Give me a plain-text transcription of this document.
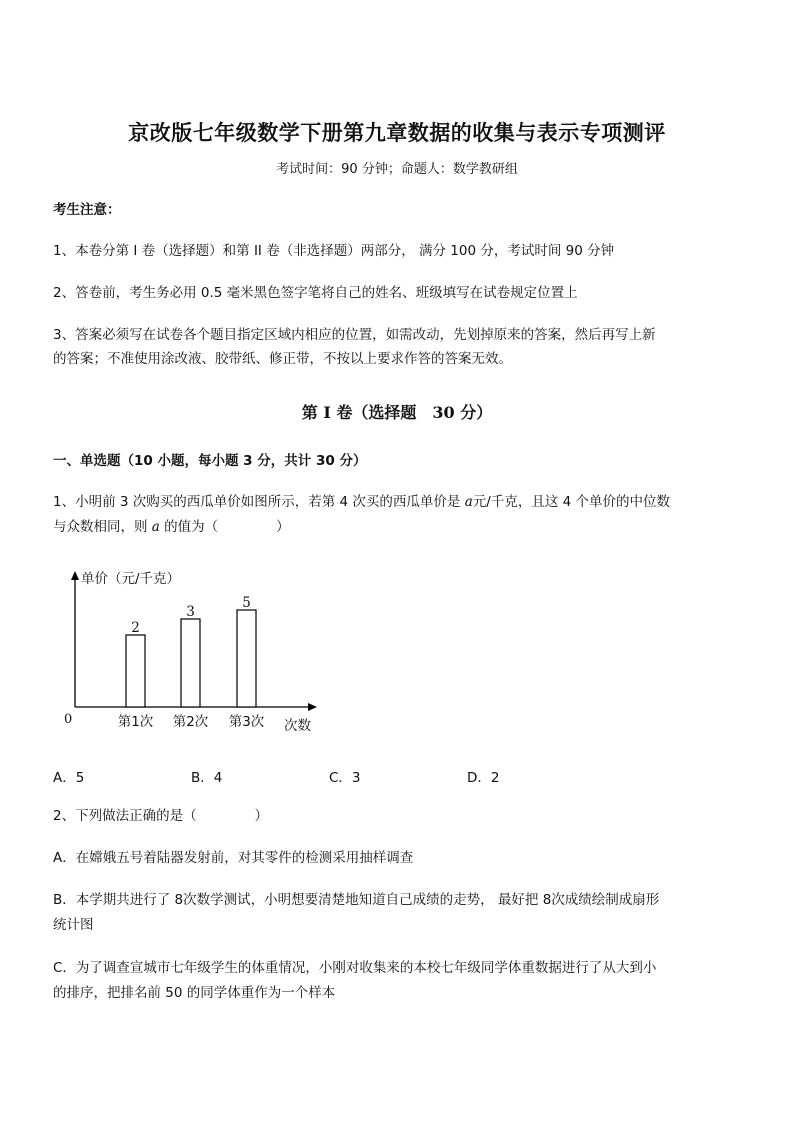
京改版七年级数学下册第九章数据的收集与表示专项测评
考试时间：90 分钟；命题人：数学教研组
考生注意：
1、本卷分第 I 卷（选择题）和第 II 卷（非选择题）两部分， 满分 100 分，考试时间 90 分钟
2、答卷前，考生务必用 0.5 毫米黑色签字笔将自己的姓名、班级填写在试卷规定位置上
3、答案必须写在试卷各个题目指定区域内相应的位置，如需改动，先划掉原来的答案，然后再写上新
的答案；不准使用涂改液、胶带纸、修正带，不按以上要求作答的答案无效。
第 I 卷（选择题　30 分）
一、单选题（10 小题，每小题 3 分，共计 30 分）
1、小明前 3 次购买的西瓜单价如图所示，若第 4 次买的西瓜单价是 a元/千克，且这 4 个单价的中位数
与众数相同，则 a 的值为（	）
单价（元/千克）
次数
0
2
第1次
3
第2次
5
第3次
A．5	B．4	C．3	D．2
2、下列做法正确的是（	）
A．在嫦娥五号着陆器发射前，对其零件的检测采用抽样调查
B．本学期共进行了 8次数学测试，小明想要清楚地知道自己成绩的走势， 最好把 8次成绩绘制成扇形
统计图
C．为了调查宣城市七年级学生的体重情况，小刚对收集来的本校七年级同学体重数据进行了从大到小
的排序，把排名前 50 的同学体重作为一个样本
